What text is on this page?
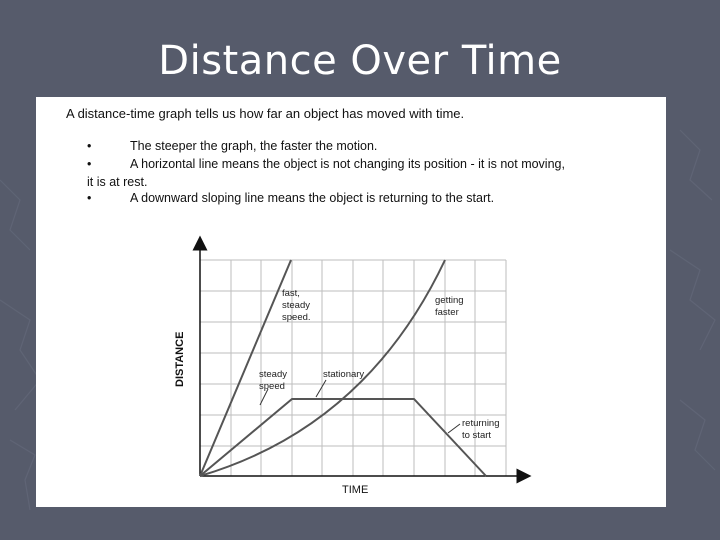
Distance Over Time
A distance-time graph tells us how far an object has moved with time.
•	The steeper the graph, the faster the motion.
•	A horizontal line means the object is not changing its position - it is not moving,
it is at rest.
•	A downward sloping line means the object is returning to the start.
fast,
steady
speed.
getting
faster
steady
speed
stationary
returning
to start
TIME
DISTANCE
